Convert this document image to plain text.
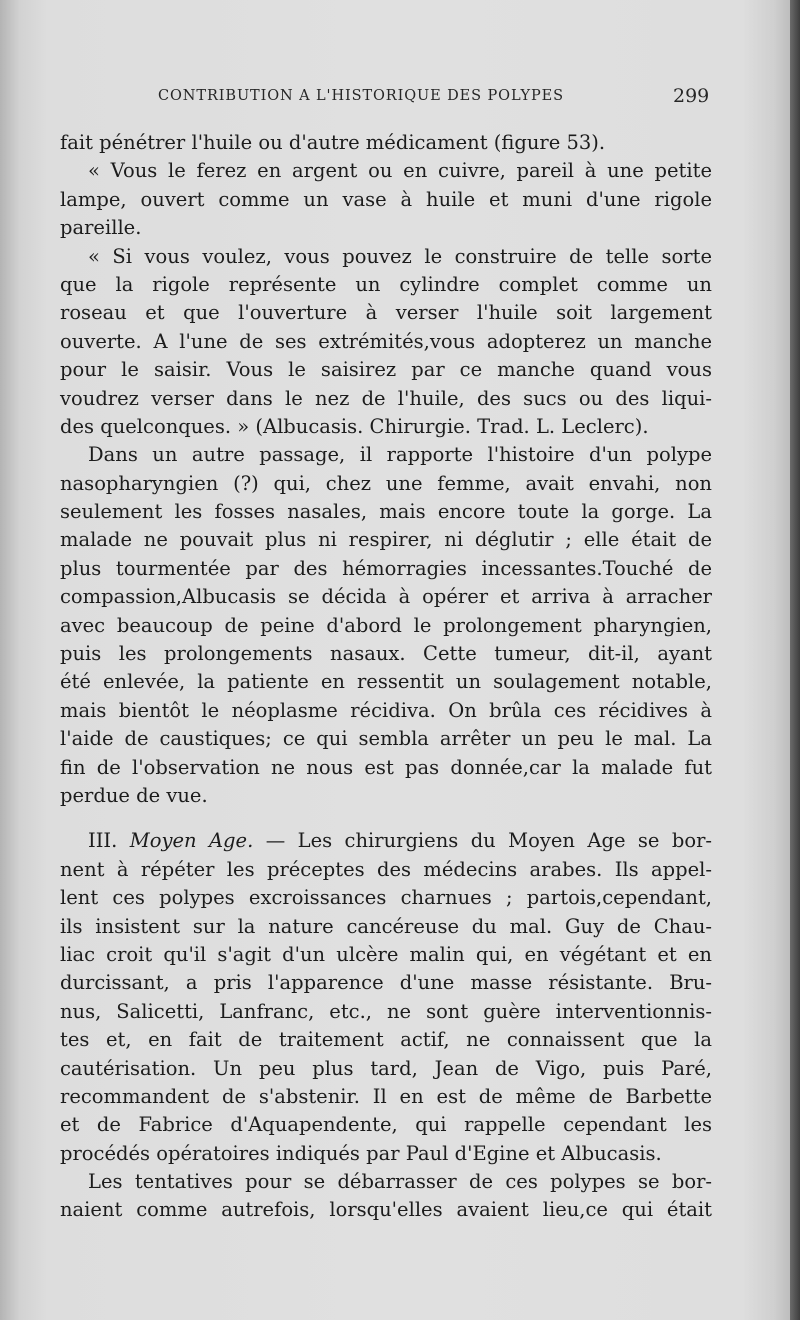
CONTRIBUTION A L'HISTORIQUE DES POLYPES	299
fait pénétrer l'huile ou d'autre médicament (figure 53).
« Vous le ferez en argent ou en cuivre, pareil à une petite
lampe, ouvert comme un vase à huile et muni d'une rigole
pareille.
« Si vous voulez, vous pouvez le construire de telle sorte
que la rigole représente un cylindre complet comme un
roseau et que l'ouverture à verser l'huile soit largement
ouverte. A l'une de ses extrémités,vous adopterez un manche
pour le saisir. Vous le saisirez par ce manche quand vous
voudrez verser dans le nez de l'huile, des sucs ou des liqui-
des quelconques. » (Albucasis. Chirurgie. Trad. L. Leclerc).
Dans un autre passage, il rapporte l'histoire d'un polype
nasopharyngien (?) qui, chez une femme, avait envahi, non
seulement les fosses nasales, mais encore toute la gorge. La
malade ne pouvait plus ni respirer, ni déglutir ; elle était de
plus tourmentée par des hémorragies incessantes.Touché de
compassion,Albucasis se décida à opérer et arriva à arracher
avec beaucoup de peine d'abord le prolongement pharyngien,
puis les prolongements nasaux. Cette tumeur, dit-il, ayant
été enlevée, la patiente en ressentit un soulagement notable,
mais bientôt le néoplasme récidiva. On brûla ces récidives à
l'aide de caustiques; ce qui sembla arrêter un peu le mal. La
fin de l'observation ne nous est pas donnée,car la malade fut
perdue de vue.
III. Moyen Age. — Les chirurgiens du Moyen Age se bor-
nent à répéter les préceptes des médecins arabes. Ils appel-
lent ces polypes excroissances charnues ; partois,cependant,
ils insistent sur la nature cancéreuse du mal. Guy de Chau-
liac croit qu'il s'agit d'un ulcère malin qui, en végétant et en
durcissant, a pris l'apparence d'une masse résistante. Bru-
nus, Salicetti, Lanfranc, etc., ne sont guère interventionnis-
tes et, en fait de traitement actif, ne connaissent que la
cautérisation. Un peu plus tard, Jean de Vigo, puis Paré,
recommandent de s'abstenir. Il en est de même de Barbette
et de Fabrice d'Aquapendente, qui rappelle cependant les
procédés opératoires indiqués par Paul d'Egine et Albucasis.
Les tentatives pour se débarrasser de ces polypes se bor-
naient comme autrefois, lorsqu'elles avaient lieu,ce qui était
